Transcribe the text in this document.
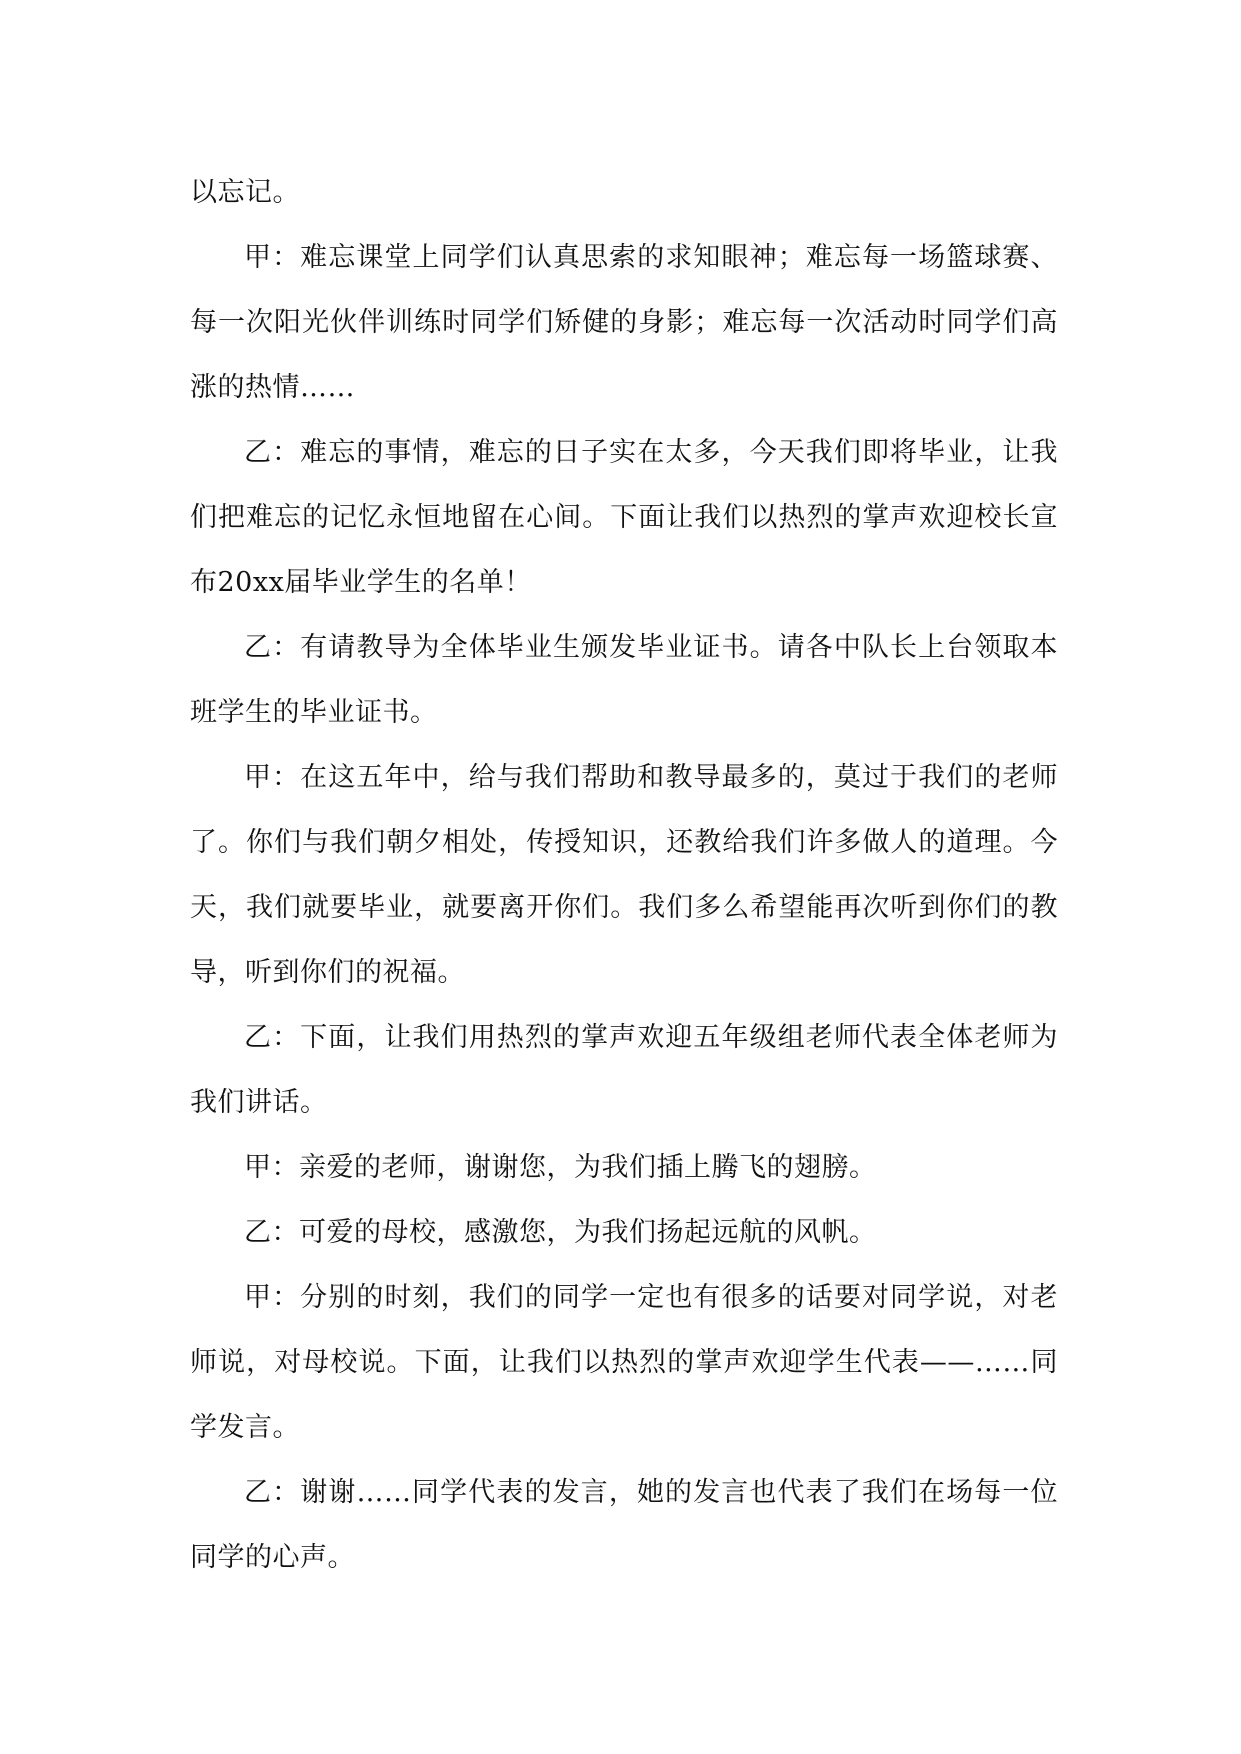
以忘记。

甲：难忘课堂上同学们认真思索的求知眼神；难忘每一场篮球赛、每一次阳光伙伴训练时同学们矫健的身影；难忘每一次活动时同学们高涨的热情……

乙：难忘的事情，难忘的日子实在太多，今天我们即将毕业，让我们把难忘的记忆永恒地留在心间。下面让我们以热烈的掌声欢迎校长宣布20xx届毕业学生的名单！

乙：有请教导为全体毕业生颁发毕业证书。请各中队长上台领取本班学生的毕业证书。

甲：在这五年中，给与我们帮助和教导最多的，莫过于我们的老师了。你们与我们朝夕相处，传授知识，还教给我们许多做人的道理。今天，我们就要毕业，就要离开你们。我们多么希望能再次听到你们的教导，听到你们的祝福。

乙：下面，让我们用热烈的掌声欢迎五年级组老师代表全体老师为我们讲话。

甲：亲爱的老师，谢谢您，为我们插上腾飞的翅膀。

乙：可爱的母校，感激您，为我们扬起远航的风帆。

甲：分别的时刻，我们的同学一定也有很多的话要对同学说，对老师说，对母校说。下面，让我们以热烈的掌声欢迎学生代表——……同学发言。

乙：谢谢……同学代表的发言，她的发言也代表了我们在场每一位同学的心声。
